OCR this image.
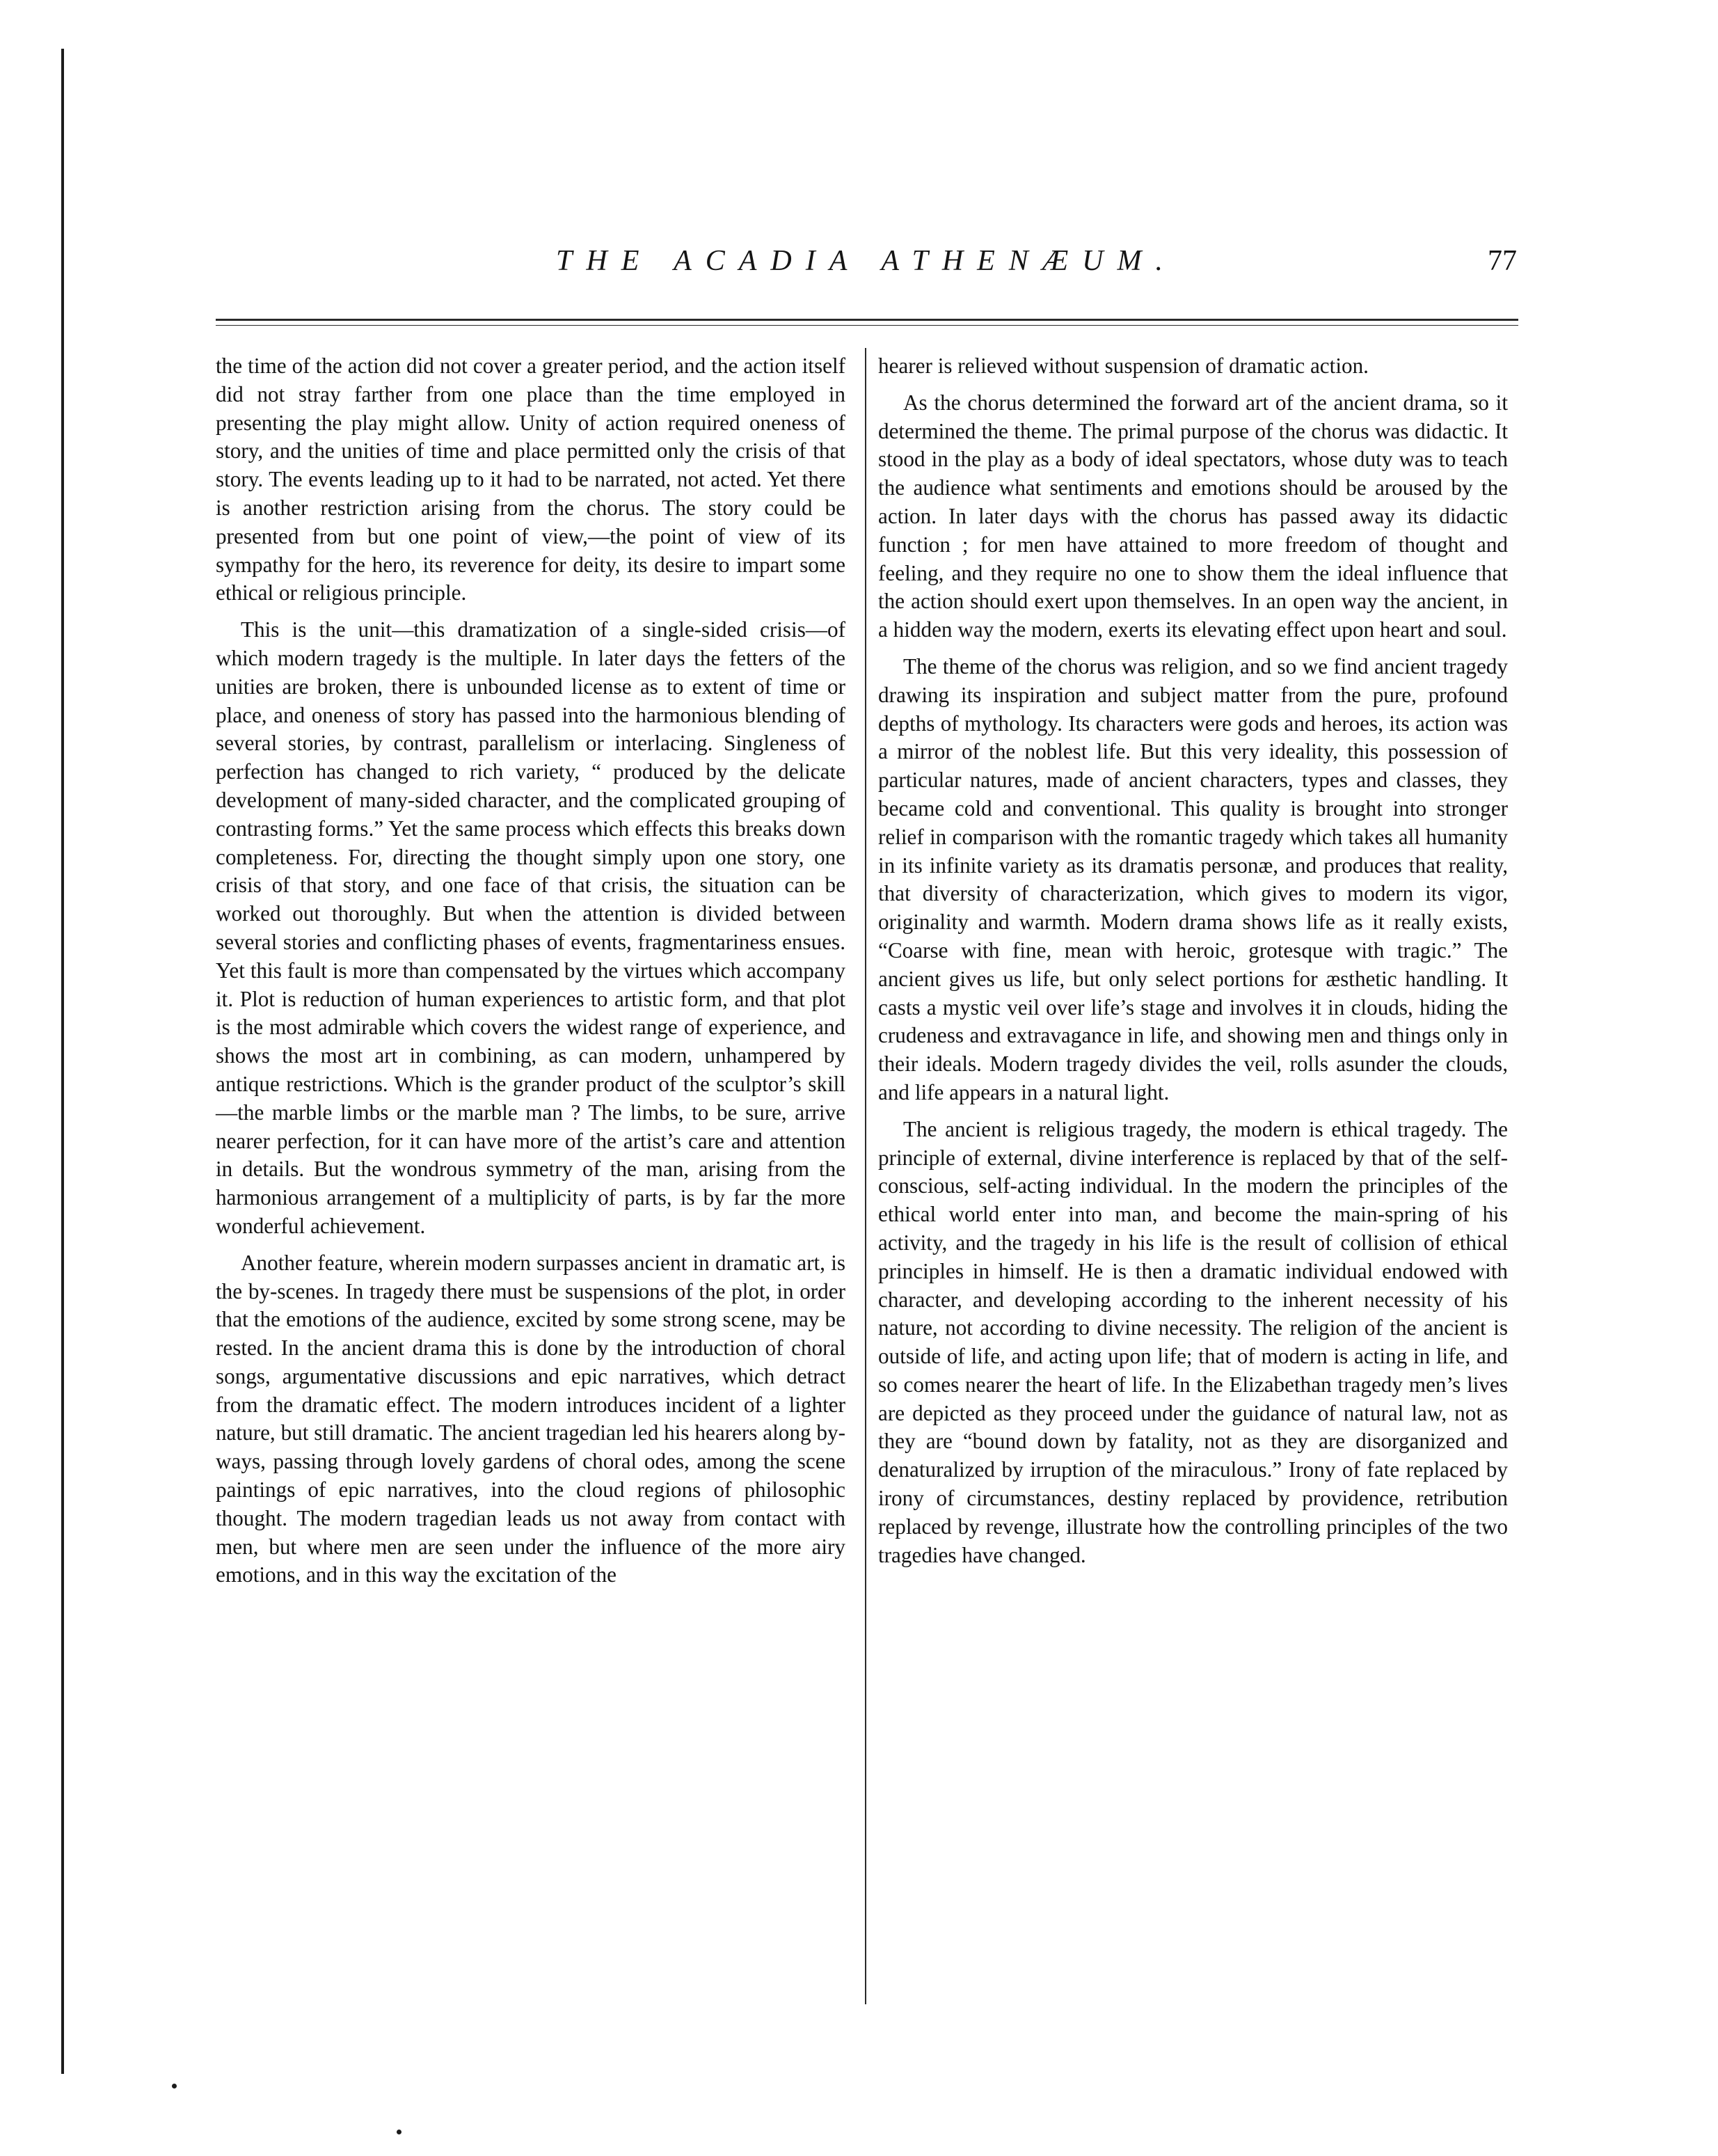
THE ACADIA ATHENÆUM.	77

the time of the action did not cover a greater period, and the action itself did not stray farther from one place than the time employed in presenting the play might allow. Unity of action required oneness of story, and the unities of time and place permitted only the crisis of that story. The events leading up to it had to be narrated, not acted. Yet there is another restriction arising from the chorus. The story could be presented from but one point of view,—the point of view of its sympathy for the hero, its reverence for deity, its desire to impart some ethical or religious principle.

This is the unit—this dramatization of a single-sided crisis—of which modern tragedy is the multiple. In later days the fetters of the unities are broken, there is unbounded license as to extent of time or place, and oneness of story has passed into the harmonious blending of several stories, by contrast, parallelism or interlacing. Singleness of perfection has changed to rich variety, “ produced by the delicate development of many-sided character, and the complicated grouping of contrasting forms.” Yet the same process which effects this breaks down completeness. For, directing the thought simply upon one story, one crisis of that story, and one face of that crisis, the situation can be worked out thoroughly. But when the attention is divided between several stories and conflicting phases of events, fragmentariness ensues. Yet this fault is more than compensated by the virtues which accompany it. Plot is reduction of human experiences to artistic form, and that plot is the most admirable which covers the widest range of experience, and shows the most art in combining, as can modern, unhampered by antique restrictions. Which is the grander product of the sculptor’s skill—the marble limbs or the marble man ? The limbs, to be sure, arrive nearer perfection, for it can have more of the artist’s care and attention in details. But the wondrous symmetry of the man, arising from the harmonious arrangement of a multiplicity of parts, is by far the more wonderful achievement.

Another feature, wherein modern surpasses ancient in dramatic art, is the by-scenes. In tragedy there must be suspensions of the plot, in order that the emotions of the audience, excited by some strong scene, may be rested. In the ancient drama this is done by the introduction of choral songs, argumentative discussions and epic narratives, which detract from the dramatic effect. The modern introduces incident of a lighter nature, but still dramatic. The ancient tragedian led his hearers along by-ways, passing through lovely gardens of choral odes, among the scene paintings of epic narratives, into the cloud regions of philosophic thought. The modern tragedian leads us not away from contact with men, but where men are seen under the influence of the more airy emotions, and in this way the excitation of the

hearer is relieved without suspension of dramatic action.

As the chorus determined the forward art of the ancient drama, so it determined the theme. The primal purpose of the chorus was didactic. It stood in the play as a body of ideal spectators, whose duty was to teach the audience what sentiments and emotions should be aroused by the action. In later days with the chorus has passed away its didactic function ; for men have attained to more freedom of thought and feeling, and they require no one to show them the ideal influence that the action should exert upon themselves. In an open way the ancient, in a hidden way the modern, exerts its elevating effect upon heart and soul.

The theme of the chorus was religion, and so we find ancient tragedy drawing its inspiration and subject matter from the pure, profound depths of mythology. Its characters were gods and heroes, its action was a mirror of the noblest life. But this very ideality, this possession of particular natures, made of ancient characters, types and classes, they became cold and conventional. This quality is brought into stronger relief in comparison with the romantic tragedy which takes all humanity in its infinite variety as its dramatis personæ, and produces that reality, that diversity of characterization, which gives to modern its vigor, originality and warmth. Modern drama shows life as it really exists, “Coarse with fine, mean with heroic, grotesque with tragic.” The ancient gives us life, but only select portions for æsthetic handling. It casts a mystic veil over life’s stage and involves it in clouds, hiding the crudeness and extravagance in life, and showing men and things only in their ideals. Modern tragedy divides the veil, rolls asunder the clouds, and life appears in a natural light.

The ancient is religious tragedy, the modern is ethical tragedy. The principle of external, divine interference is replaced by that of the self-conscious, self-acting individual. In the modern the principles of the ethical world enter into man, and become the main-spring of his activity, and the tragedy in his life is the result of collision of ethical principles in himself. He is then a dramatic individual endowed with character, and developing according to the inherent necessity of his nature, not according to divine necessity. The religion of the ancient is outside of life, and acting upon life; that of modern is acting in life, and so comes nearer the heart of life. In the Elizabethan tragedy men’s lives are depicted as they proceed under the guidance of natural law, not as they are “bound down by fatality, not as they are disorganized and denaturalized by irruption of the miraculous.” Irony of fate replaced by irony of circumstances, destiny replaced by providence, retribution replaced by revenge, illustrate how the controlling principles of the two tragedies have changed.
